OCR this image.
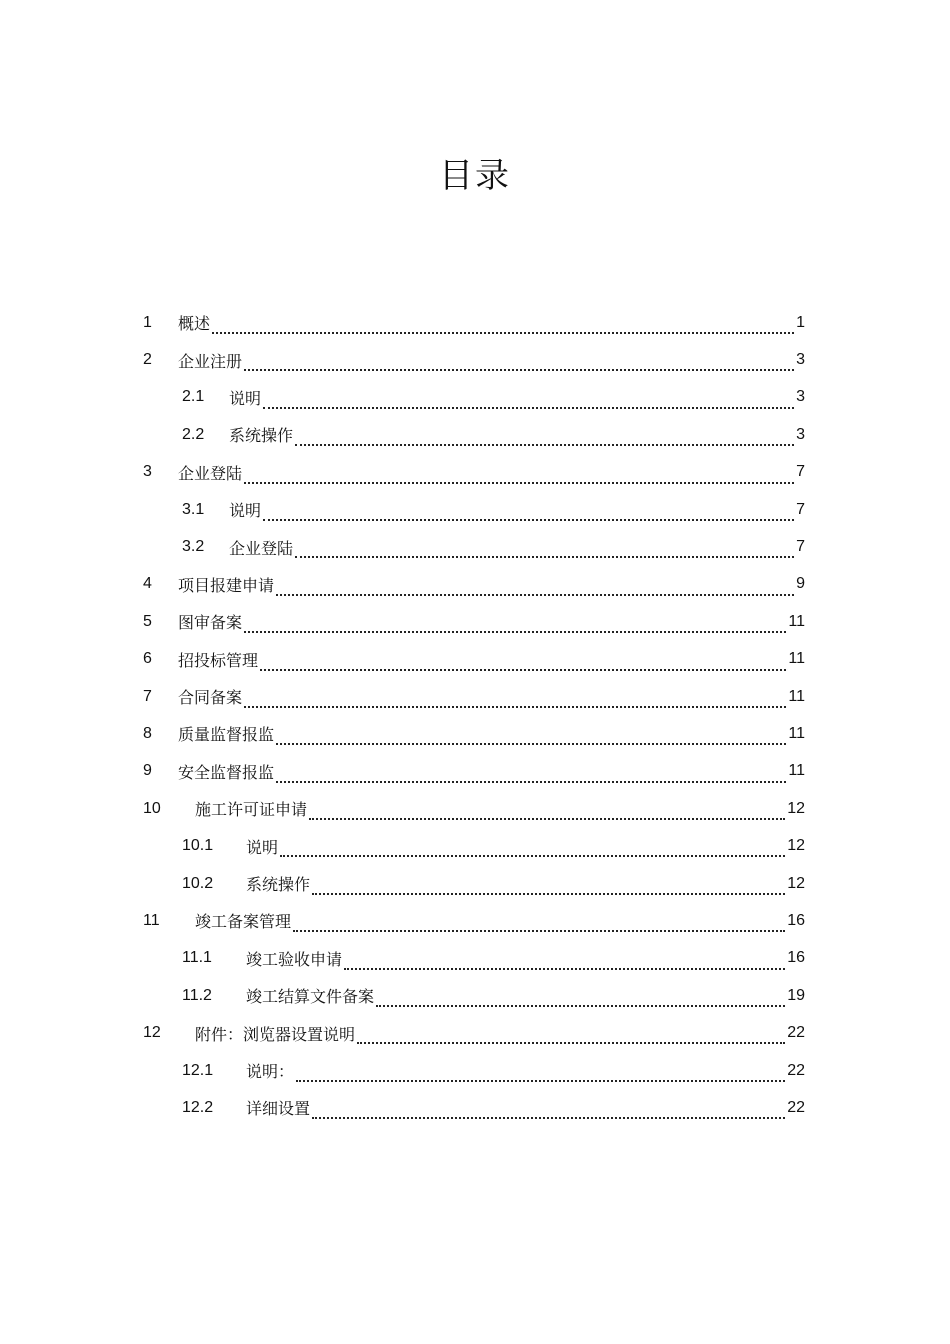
目录
1 概述	1
2 企业注册	3
2.1 说明	3
2.2 系统操作	3
3 企业登陆	7
3.1 说明	7
3.2 企业登陆	7
4 项目报建申请	9
5 图审备案	11
6 招投标管理	11
7 合同备案	11
8 质量监督报监	11
9 安全监督报监	11
10 施工许可证申请	12
10.1 说明	12
10.2 系统操作	12
11 竣工备案管理	16
11.1 竣工验收申请	16
11.2 竣工结算文件备案	19
12 附件：浏览器设置说明	22
12.1 说明：	22
12.2 详细设置	22
